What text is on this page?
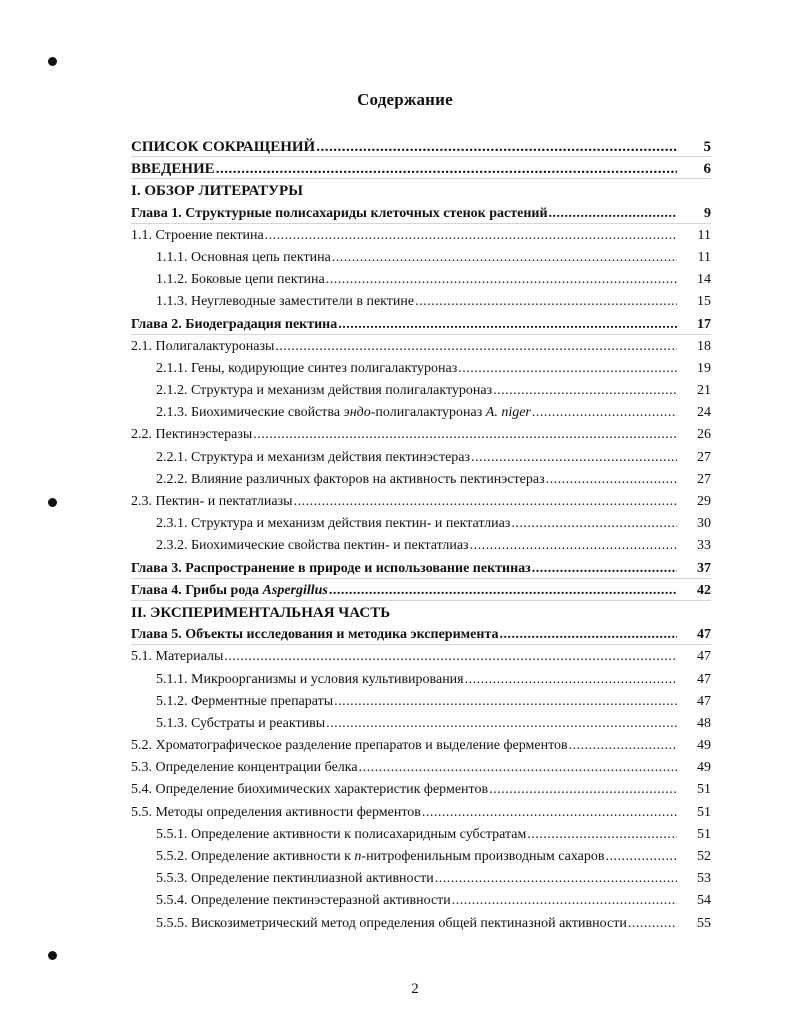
Содержание
СПИСОК СОКРАЩЕНИЙ .....	5
ВВЕДЕНИЕ .....	6
I. ОБЗОР ЛИТЕРАТУРЫ
Глава 1. Структурные полисахариды клеточных стенок растений .....	9
1.1. Строение пектина .....	11
1.1.1. Основная цепь пектина .....	11
1.1.2. Боковые цепи пектина .....	14
1.1.3. Неуглеводные заместители в пектине .....	15
Глава 2. Биодеградация пектина .....	17
2.1. Полигалактуроназы .....	18
2.1.1. Гены, кодирующие синтез полигалактуроназ .....	19
2.1.2. Структура и механизм действия полигалактуроназ .....	21
2.1.3. Биохимические свойства эндо-полигалактуроназ A. niger .....	24
2.2. Пектинэстеразы .....	26
2.2.1. Структура и механизм действия пектинэстераз .....	27
2.2.2. Влияние различных факторов на активность пектинэстераз .....	27
2.3. Пектин- и пектатлиазы .....	29
2.3.1. Структура и механизм действия пектин- и пектатлиаз .....	30
2.3.2. Биохимические свойства пектин- и пектатлиаз .....	33
Глава 3. Распространение в природе и использование пектиназ .....	37
Глава 4. Грибы рода Aspergillus .....	42
II. ЭКСПЕРИМЕНТАЛЬНАЯ ЧАСТЬ
Глава 5. Объекты исследования и методика эксперимента .....	47
5.1. Материалы .....	47
5.1.1. Микроорганизмы и условия культивирования .....	47
5.1.2. Ферментные препараты .....	47
5.1.3. Субстраты и реактивы .....	48
5.2. Хроматографическое разделение препаратов и выделение ферментов .....	49
5.3. Определение концентрации белка .....	49
5.4. Определение биохимических характеристик ферментов .....	51
5.5. Методы определения активности ферментов .....	51
5.5.1. Определение активности к полисахаридным субстратам .....	51
5.5.2. Определение активности к n-нитрофенильным производным сахаров .....	52
5.5.3. Определение пектинлиазной активности .....	53
5.5.4. Определение пектинэстеразной активности .....	54
5.5.5. Вискозиметрический метод определения общей пектиназной активности .....	55
2
